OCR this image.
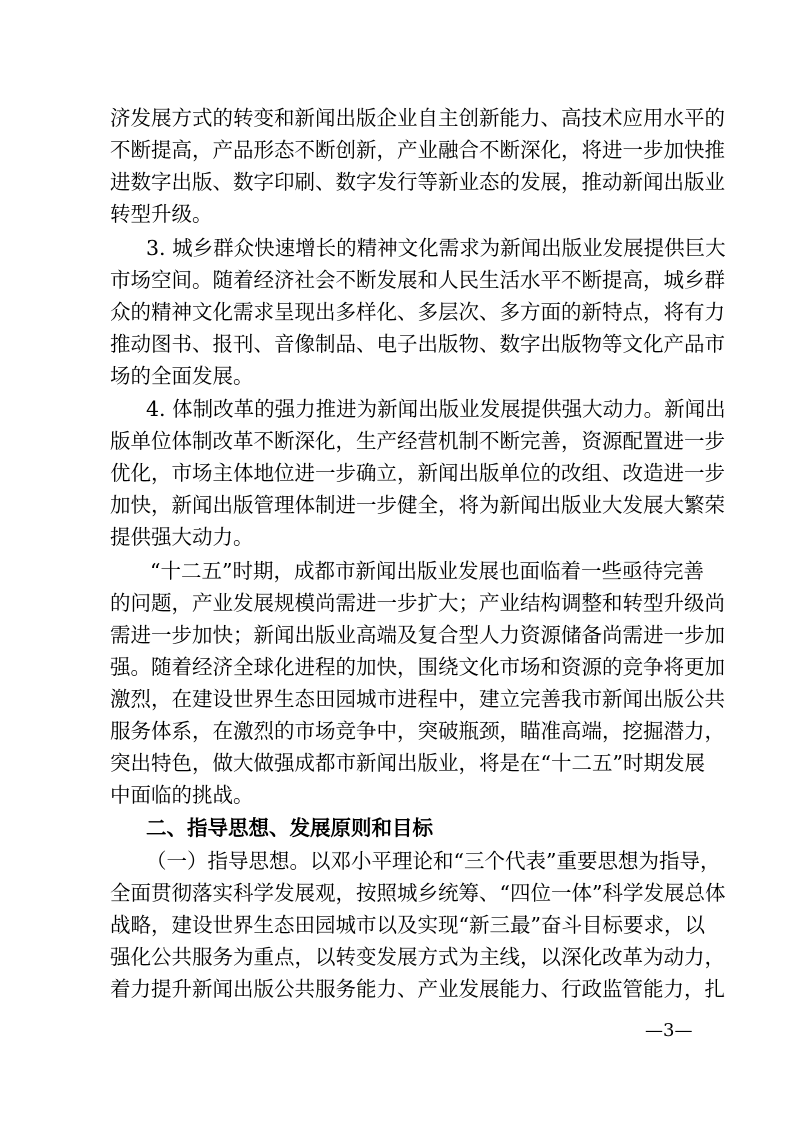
济发展方式的转变和新闻出版企业自主创新能力、高技术应用水平的
不断提高，产品形态不断创新，产业融合不断深化，将进一步加快推
进数字出版、数字印刷、数字发行等新业态的发展，推动新闻出版业
转型升级。
3. 城乡群众快速增长的精神文化需求为新闻出版业发展提供巨大
市场空间。随着经济社会不断发展和人民生活水平不断提高，城乡群
众的精神文化需求呈现出多样化、多层次、多方面的新特点，将有力
推动图书、报刊、音像制品、电子出版物、数字出版物等文化产品市
场的全面发展。
4. 体制改革的强力推进为新闻出版业发展提供强大动力。新闻出
版单位体制改革不断深化，生产经营机制不断完善，资源配置进一步
优化，市场主体地位进一步确立，新闻出版单位的改组、改造进一步
加快，新闻出版管理体制进一步健全，将为新闻出版业大发展大繁荣
提供强大动力。
“十二五”时期，成都市新闻出版业发展也面临着一些亟待完善
的问题，产业发展规模尚需进一步扩大；产业结构调整和转型升级尚
需进一步加快；新闻出版业高端及复合型人力资源储备尚需进一步加
强。随着经济全球化进程的加快，围绕文化市场和资源的竞争将更加
激烈，在建设世界生态田园城市进程中，建立完善我市新闻出版公共
服务体系，在激烈的市场竞争中，突破瓶颈，瞄准高端，挖掘潜力，
突出特色，做大做强成都市新闻出版业，将是在“十二五”时期发展
中面临的挑战。
二、指导思想、发展原则和目标
（一）指导思想。以邓小平理论和“三个代表”重要思想为指导，
全面贯彻落实科学发展观，按照城乡统筹、“四位一体”科学发展总体
战略，建设世界生态田园城市以及实现“新三最”奋斗目标要求，以
强化公共服务为重点，以转变发展方式为主线，以深化改革为动力，
着力提升新闻出版公共服务能力、产业发展能力、行政监管能力，扎
—3—
